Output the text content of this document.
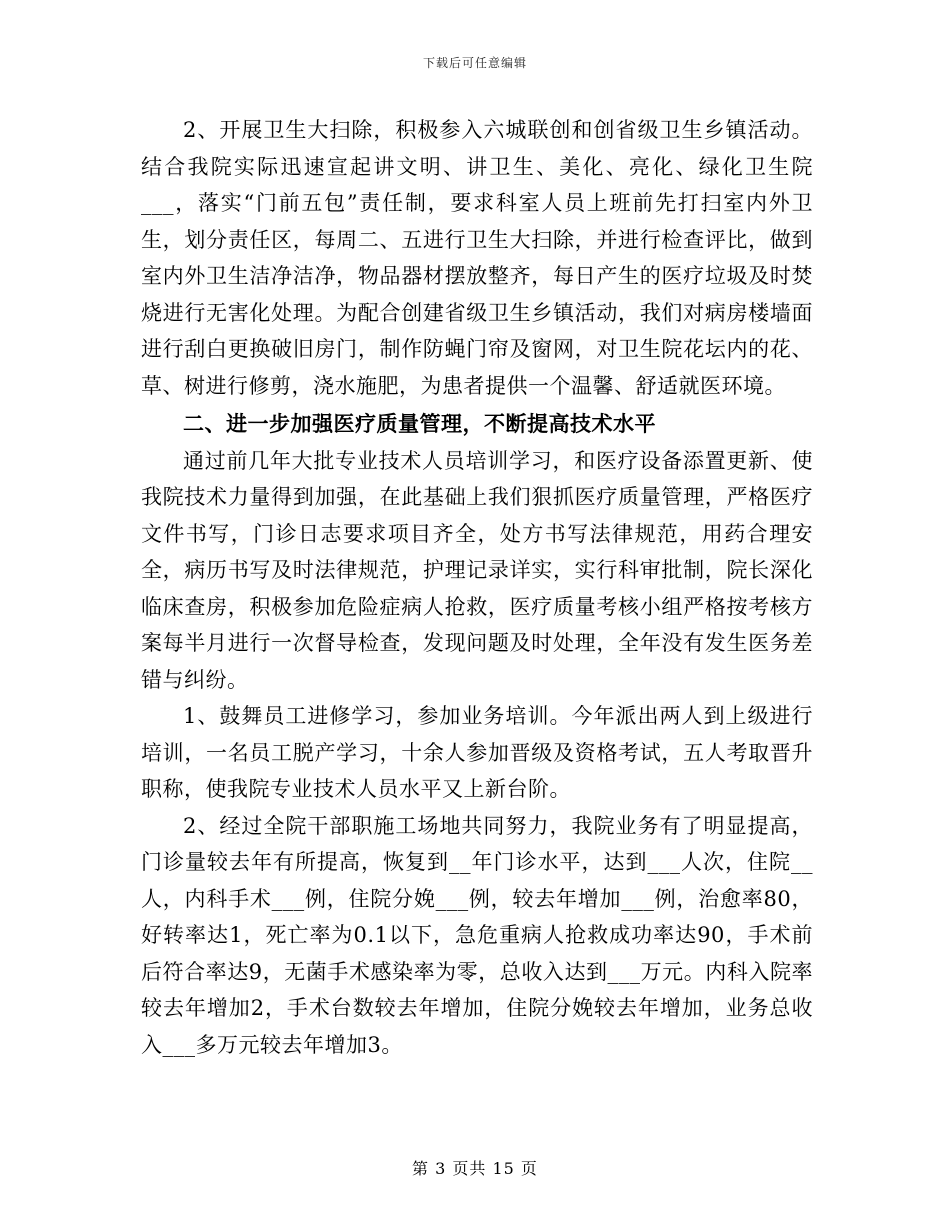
下载后可任意编辑

2、开展卫生大扫除，积极参入六城联创和创省级卫生乡镇活动。结合我院实际迅速宣起讲文明、讲卫生、美化、亮化、绿化卫生院___，落实“门前五包”责任制，要求科室人员上班前先打扫室内外卫生，划分责任区，每周二、五进行卫生大扫除，并进行检查评比，做到室内外卫生洁净洁净，物品器材摆放整齐，每日产生的医疗垃圾及时焚烧进行无害化处理。为配合创建省级卫生乡镇活动，我们对病房楼墙面进行刮白更换破旧房门，制作防蝇门帘及窗网，对卫生院花坛内的花、草、树进行修剪，浇水施肥，为患者提供一个温馨、舒适就医环境。

二、进一步加强医疗质量管理，不断提高技术水平

通过前几年大批专业技术人员培训学习，和医疗设备添置更新、使我院技术力量得到加强，在此基础上我们狠抓医疗质量管理，严格医疗文件书写，门诊日志要求项目齐全，处方书写法律规范，用药合理安全，病历书写及时法律规范，护理记录详实，实行科审批制，院长深化临床查房，积极参加危险症病人抢救，医疗质量考核小组严格按考核方案每半月进行一次督导检查，发现问题及时处理，全年没有发生医务差错与纠纷。

1、鼓舞员工进修学习，参加业务培训。今年派出两人到上级进行培训，一名员工脱产学习，十余人参加晋级及资格考试，五人考取晋升职称，使我院专业技术人员水平又上新台阶。

2、经过全院干部职施工场地共同努力，我院业务有了明显提高，门诊量较去年有所提高，恢复到__年门诊水平，达到___人次，住院__人，内科手术___例，住院分娩___例，较去年增加___例，治愈率80，好转率达1，死亡率为0.1以下，急危重病人抢救成功率达90，手术前后符合率达9，无菌手术感染率为零，总收入达到___万元。内科入院率较去年增加2，手术台数较去年增加，住院分娩较去年增加，业务总收入___多万元较去年增加3。

第 3 页共 15 页
